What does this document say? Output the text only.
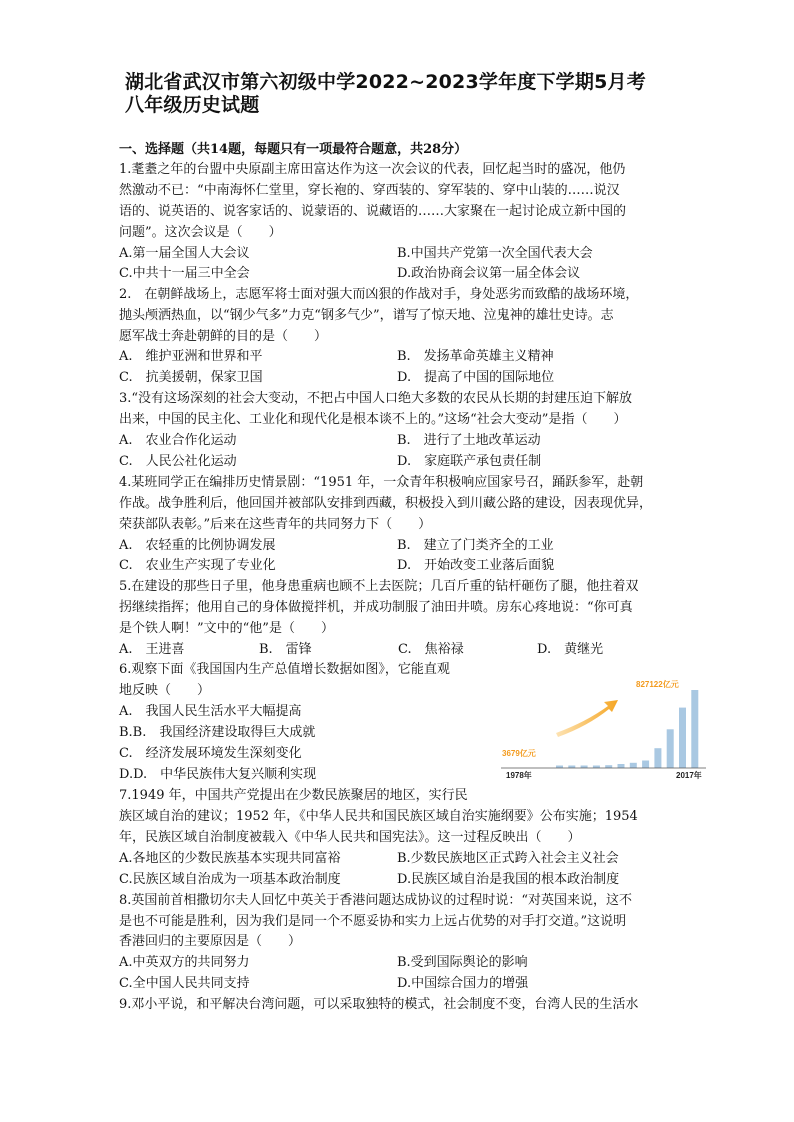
湖北省武汉市第六初级中学2022~2023学年度下学期5月考
八年级历史试题
一、选择题（共14题，每题只有一项最符合题意，共28分）
1.耄耋之年的台盟中央原副主席田富达作为这一次会议的代表，回忆起当时的盛况，他仍
然激动不已：“中南海怀仁堂里，穿长袍的、穿西装的、穿军装的、穿中山装的……说汉
语的、说英语的、说客家话的、说蒙语的、说藏语的……大家聚在一起讨论成立新中国的
问题”。这次会议是（　　）
A.第一届全国人大会议	B.中国共产党第一次全国代表大会
C.中共十一届三中全会	D.政治协商会议第一届全体会议
2.　在朝鲜战场上，志愿军将士面对强大而凶狠的作战对手，身处恶劣而致酷的战场环境，
抛头颅洒热血，以“钢少气多”力克“钢多气少”，谱写了惊天地、泣鬼神的雄壮史诗。志
愿军战士奔赴朝鲜的目的是（　　）
A.　维护亚洲和世界和平	B.　发扬革命英雄主义精神
C.　抗美援朝，保家卫国	D.　提高了中国的国际地位
3.“没有这场深刻的社会大变动，不把占中国人口绝大多数的农民从长期的封建压迫下解放
出来，中国的民主化、工业化和现代化是根本谈不上的。”这场“社会大变动”是指（　　）
A.　农业合作化运动	B.　进行了土地改革运动
C.　人民公社化运动	D.　家庭联产承包责任制
4.某班同学正在编排历史情景剧：“1951 年，一众青年积极响应国家号召，踊跃参军，赴朝
作战。战争胜利后，他回国并被部队安排到西藏，积极投入到川藏公路的建设，因表现优异，
荣获部队表彰。”后来在这些青年的共同努力下（　　）
A.　农轻重的比例协调发展	B.　建立了门类齐全的工业
C.　农业生产实现了专业化	D.　开始改变工业落后面貌
5.在建设的那些日子里，他身患重病也顾不上去医院；几百斤重的钻杆砸伤了腿，他拄着双
拐继续指挥；他用自己的身体做搅拌机，并成功制服了油田井喷。房东心疼地说：“你可真
是个铁人啊！”文中的“他”是（　　）
A.　王进喜	B.　雷锋	C.　焦裕禄	D.　黄继光
6.观察下面《我国国内生产总值增长数据如图》，它能直观
地反映（　　）
A.　我国人民生活水平大幅提高
B.B.　我国经济建设取得巨大成就
C.　经济发展环境发生深刻变化
D.D.　中华民族伟大复兴顺利实现
3679亿元
827122亿元
1978年	2017年
7.1949 年，中国共产党提出在少数民族聚居的地区，实行民
族区域自治的建议；1952 年，《中华人民共和国民族区域自治实施纲要》公布实施；1954
年，民族区域自治制度被载入《中华人民共和国宪法》。这一过程反映出（　　）
A.各地区的少数民族基本实现共同富裕	B.少数民族地区正式跨入社会主义社会
C.民族区域自治成为一项基本政治制度	D.民族区域自治是我国的根本政治制度
8.英国前首相撒切尔夫人回忆中英关于香港问题达成协议的过程时说：“对英国来说，这不
是也不可能是胜利，因为我们是同一个不愿妥协和实力上远占优势的对手打交道。”这说明
香港回归的主要原因是（　　）
A.中英双方的共同努力	B.受到国际舆论的影响
C.全中国人民共同支持	D.中国综合国力的增强
9.邓小平说，和平解决台湾问题，可以采取独特的模式，社会制度不变，台湾人民的生活水
